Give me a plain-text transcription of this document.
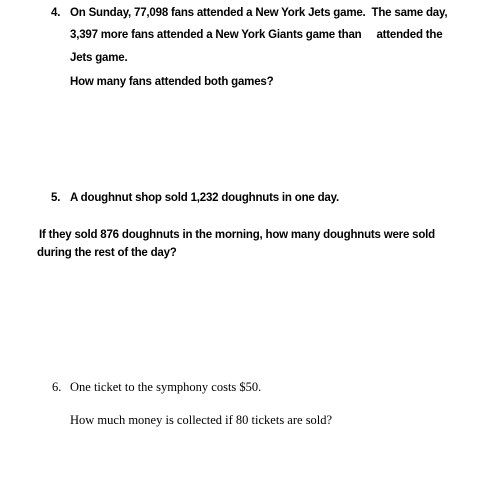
4. On Sunday, 77,098 fans attended a New York Jets game.  The same day,
3,397 more fans attended a New York Giants game than     attended the
Jets game.
How many fans attended both games?
5. A doughnut shop sold 1,232 doughnuts in one day.
If they sold 876 doughnuts in the morning, how many doughnuts were sold
during the rest of the day?
6. One ticket to the symphony costs $50.
How much money is collected if 80 tickets are sold?
